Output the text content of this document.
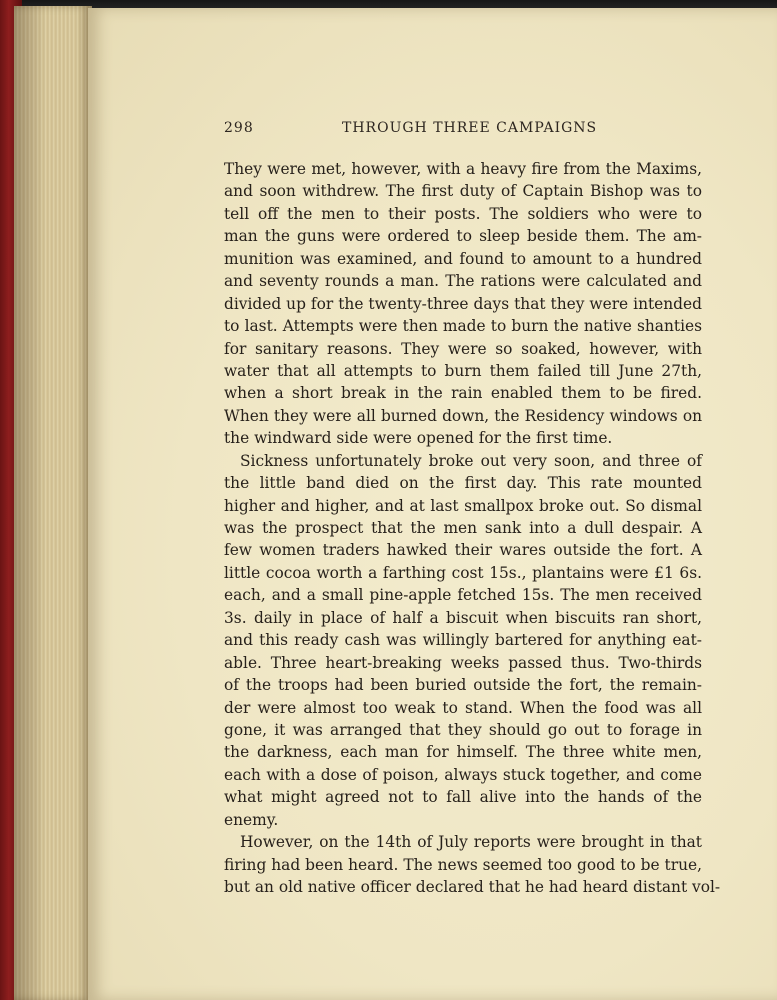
298	THROUGH THREE CAMPAIGNS
They were met, however, with a heavy fire from the Maxims,
and soon withdrew. The first duty of Captain Bishop was to
tell off the men to their posts. The soldiers who were to
man the guns were ordered to sleep beside them. The am-
munition was examined, and found to amount to a hundred
and seventy rounds a man. The rations were calculated and
divided up for the twenty-three days that they were intended
to last. Attempts were then made to burn the native shanties
for sanitary reasons. They were so soaked, however, with
water that all attempts to burn them failed till June 27th,
when a short break in the rain enabled them to be fired.
When they were all burned down, the Residency windows on
the windward side were opened for the first time.
Sickness unfortunately broke out very soon, and three of
the little band died on the first day. This rate mounted
higher and higher, and at last smallpox broke out. So dismal
was the prospect that the men sank into a dull despair. A
few women traders hawked their wares outside the fort. A
little cocoa worth a farthing cost 15s., plantains were £1 6s.
each, and a small pine-apple fetched 15s. The men received
3s. daily in place of half a biscuit when biscuits ran short,
and this ready cash was willingly bartered for anything eat-
able. Three heart-breaking weeks passed thus. Two-thirds
of the troops had been buried outside the fort, the remain-
der were almost too weak to stand. When the food was all
gone, it was arranged that they should go out to forage in
the darkness, each man for himself. The three white men,
each with a dose of poison, always stuck together, and come
what might agreed not to fall alive into the hands of the
enemy.
However, on the 14th of July reports were brought in that
firing had been heard. The news seemed too good to be true,
but an old native officer declared that he had heard distant vol-
